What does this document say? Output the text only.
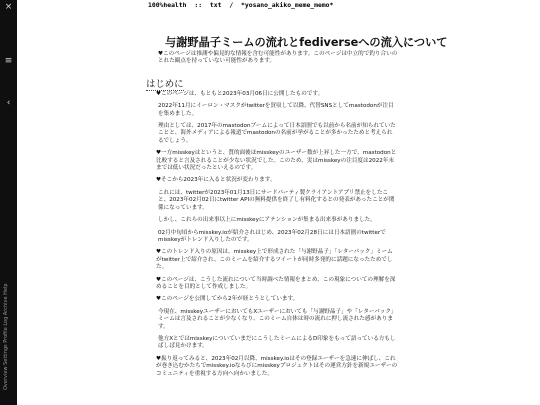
×
≡
‹
Overview Settings Profile Log Archive Help
100%health :: txt / *yosano_akiko_meme_memo*
与謝野晶子ミームの流れとfediverseへの流入について

♥このページは推測や偏見的な情報を含む可能性があります。このページは中立的で釣り合いのとれた観点を持っていない可能性があります。

はじめに

♥このページは、もともと2023年03月06日に公開したものです。

2022年11月にイーロン・マスクがtwitterを買収して以降、代替SNSとしてmastodonが注目を集めました。

理由としては、2017年のmastodonブームによって日本語圏でも以前から名前が知られていたことと、海外メディアによる報道でmastodonの名前が挙がることが多かったためと考えられるでしょう。

♥一方misskeyはというと、質的面後ほmisskeyのユーザー数が上昇した一方で、mastodonと比較すると言及されることが少ない状況でした。このため、実はmisskeyの注目度は2022年末までは低い状況だったといえるのです。

♥そこから2023年に入ると状況が変わります。

これには、twitterが2023年01月13日にサードパーティ製クライアントアプリ禁止をしたこと、2023年02月02日にtwitter APIの無料提供を終了し有料化するとの発表があったことが関係になっています。

しかし、これらの出来事以上にmisskeyにアテンションが集まる出来事がありました。

02月中旬頃からmisskey.ioが紹介されはじめ、2023年02月28日には日本語圏のtwitterでmisskeyがトレンド入りしたのです。

♥このトレンド入りの原因は、misskey上で形成された「与謝野晶子」「レターパック」ミームがtwitter上で紹介され、このミームを紹介するツイートが同時多発的に話題になったためでした。

♥このページは、こうした流れについて当時調べた情報をまとめ、この現象についての理解を深めることを目的として作成しました。

♥このページを公開してから2年が経とうとしています。

今現在、misskeyユーザーにおいてもXユーザーにおいても「与謝野晶子」や「レターパック」ミームは言及されることが少なくなり、このミーム自体は時の流れに押し流された感があります。

他方XとではmisskeyについていまだにこうしたミームによるD印象をもって語っている方もしばしば見かけます。

♥振り返ってみると、2023年02月以降、misskey.ioはその登録ユーザーを急速に伸ばし、これが巻き込むかたちでmisskey.ioならびにmisskeyプロジェクトはその運営方針を新規ユーザーのコミュニティを重視する方向へ向かいました。
